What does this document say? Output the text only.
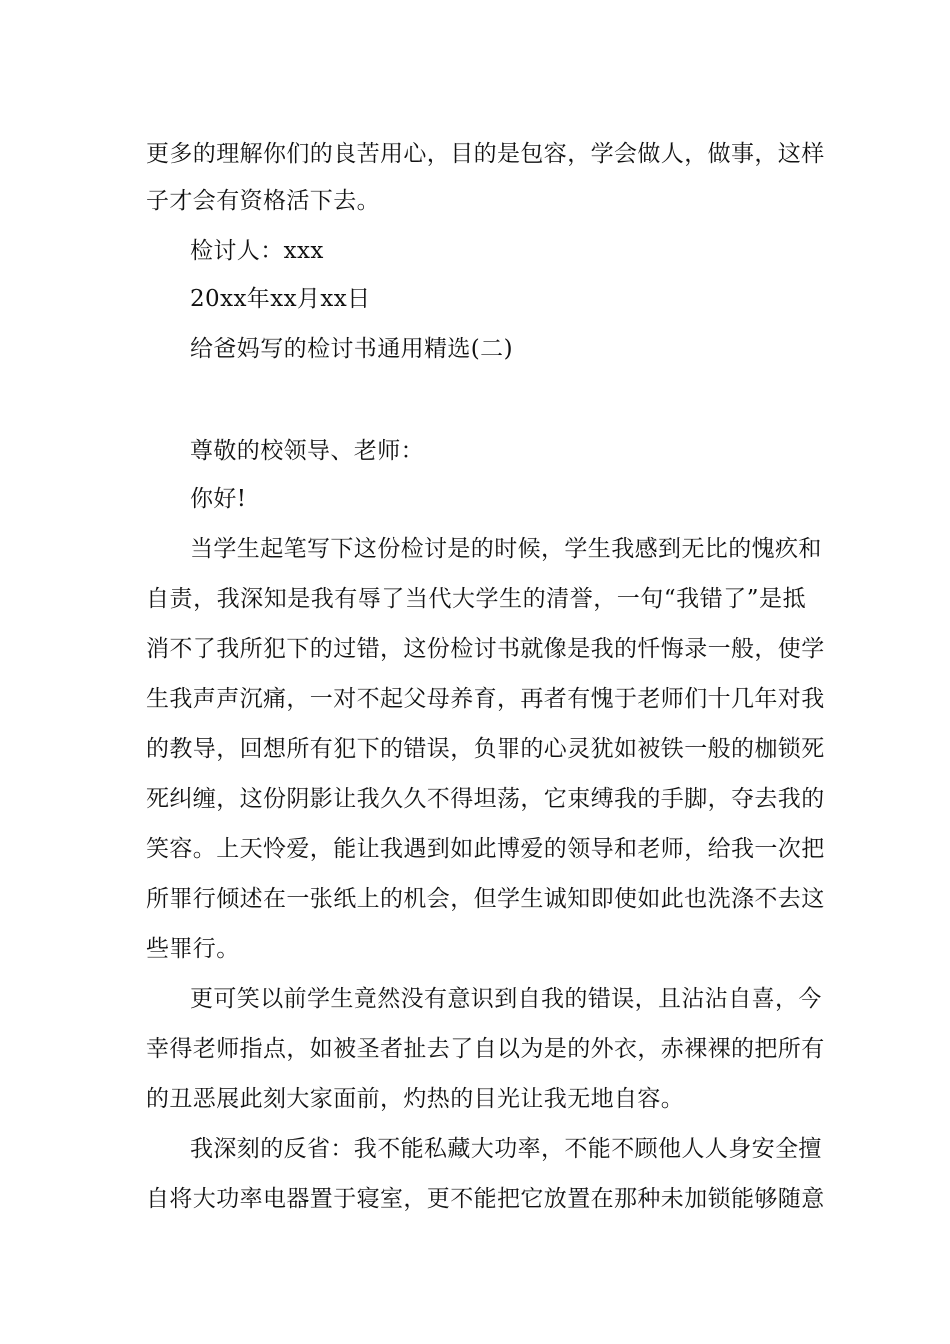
更多的理解你们的良苦用心，目的是包容，学会做人，做事，这样
子才会有资格活下去。
检讨人：xxx
20xx年xx月xx日
给爸妈写的检讨书通用精选(二)
尊敬的校领导、老师：
你好!
当学生起笔写下这份检讨是的时候，学生我感到无比的愧疚和
自责，我深知是我有辱了当代大学生的清誉，一句“我错了”是抵
消不了我所犯下的过错，这份检讨书就像是我的忏悔录一般，使学
生我声声沉痛，一对不起父母养育，再者有愧于老师们十几年对我
的教导，回想所有犯下的错误，负罪的心灵犹如被铁一般的枷锁死
死纠缠，这份阴影让我久久不得坦荡，它束缚我的手脚，夺去我的
笑容。上天怜爱，能让我遇到如此博爱的领导和老师，给我一次把
所罪行倾述在一张纸上的机会，但学生诚知即使如此也洗涤不去这
些罪行。
更可笑以前学生竟然没有意识到自我的错误，且沾沾自喜，今
幸得老师指点，如被圣者扯去了自以为是的外衣，赤裸裸的把所有
的丑恶展此刻大家面前，灼热的目光让我无地自容。
我深刻的反省：我不能私藏大功率，不能不顾他人人身安全擅
自将大功率电器置于寝室，更不能把它放置在那种未加锁能够随意
